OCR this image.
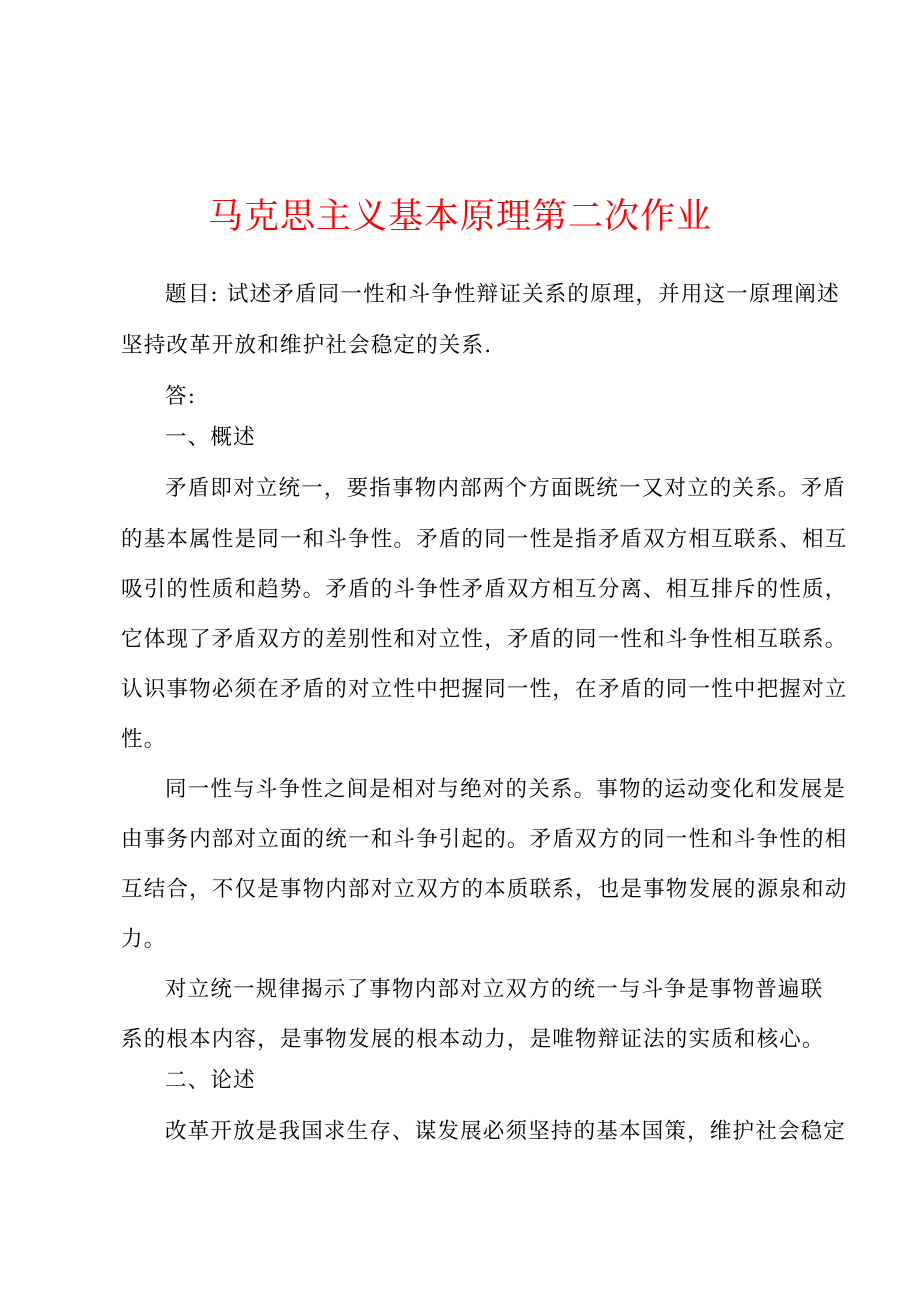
马克思主义基本原理第二次作业
题目: 试述矛盾同一性和斗争性辩证关系的原理，并用这一原理阐述
坚持改革开放和维护社会稳定的关系.
答:
一、概述
矛盾即对立统一，要指事物内部两个方面既统一又对立的关系。矛盾
的基本属性是同一和斗争性。矛盾的同一性是指矛盾双方相互联系、相互
吸引的性质和趋势。矛盾的斗争性矛盾双方相互分离、相互排斥的性质，
它体现了矛盾双方的差别性和对立性，矛盾的同一性和斗争性相互联系。
认识事物必须在矛盾的对立性中把握同一性，在矛盾的同一性中把握对立
性。
同一性与斗争性之间是相对与绝对的关系。事物的运动变化和发展是
由事务内部对立面的统一和斗争引起的。矛盾双方的同一性和斗争性的相
互结合，不仅是事物内部对立双方的本质联系，也是事物发展的源泉和动
力。
对立统一规律揭示了事物内部对立双方的统一与斗争是事物普遍联
系的根本内容，是事物发展的根本动力，是唯物辩证法的实质和核心。
二、论述
改革开放是我国求生存、谋发展必须坚持的基本国策，维护社会稳定
